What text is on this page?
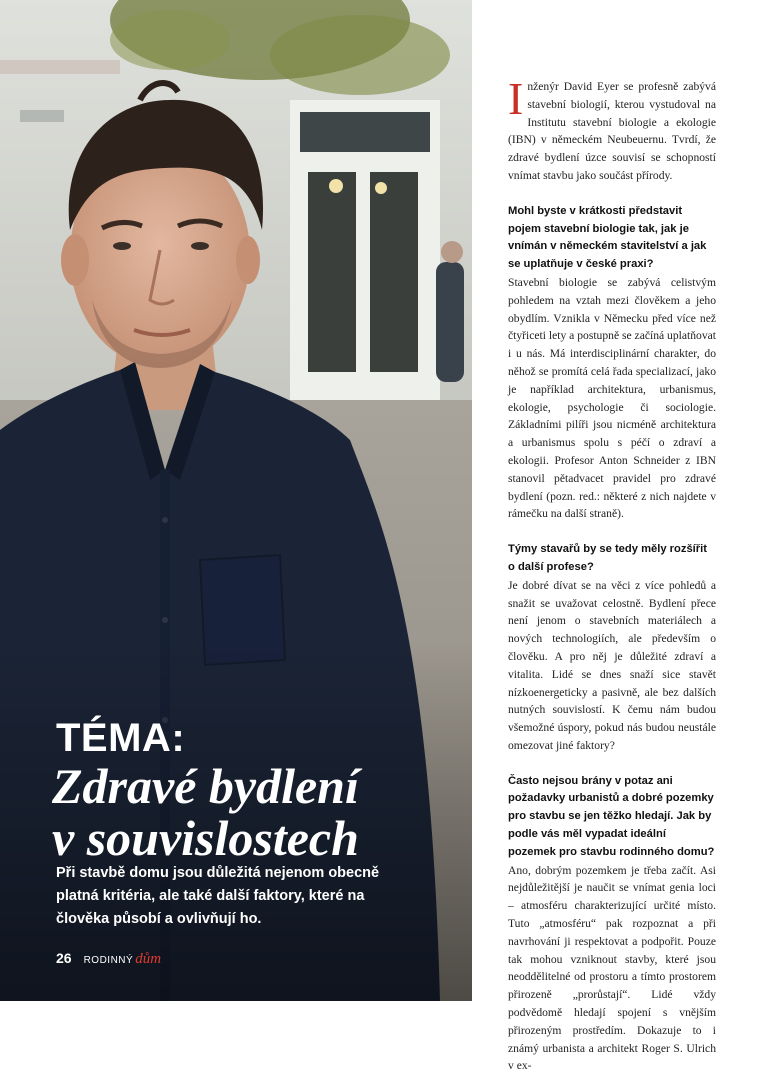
TÉMA:
Zdravé bydlení
v souvislostech

Při stavbě domu jsou důležitá nejenom obecně platná kritéria, ale také další faktory, které na člověka působí a ovlivňují ho.

26 RODINNÝ dům

Inženýr David Eyer se profesně zabývá stavební biologií, kterou vystudoval na Institutu stavební biologie a ekologie (IBN) v německém Neubeuernu. Tvrdí, že zdravé bydlení úzce souvisí se schopností vnímat stavbu jako součást přírody.

Mohl byste v krátkosti představit pojem stavební biologie tak, jak je vnímán v německém stavitelství a jak se uplatňuje v české praxi?

Stavební biologie se zabývá celistvým pohledem na vztah mezi člověkem a jeho obydlím. Vznikla v Německu před více než čtyřiceti lety a postupně se začíná uplatňovat i u nás. Má interdisciplinární charakter, do něhož se promítá celá řada specializací, jako je například architektura, urbanismus, ekologie, psychologie či sociologie. Základními pilíři jsou nicméně architektura a urbanismus spolu s péčí o zdraví a ekologii. Profesor Anton Schneider z IBN stanovil pětadvacet pravidel pro zdravé bydlení (pozn. red.: některé z nich najdete v rámečku na další straně).

Týmy stavařů by se tedy měly rozšířit o další profese?

Je dobré dívat se na věci z více pohledů a snažit se uvažovat celostně. Bydlení přece není jenom o stavebních materiálech a nových technologiích, ale především o člověku. A pro něj je důležité zdraví a vitalita. Lidé se dnes snaží sice stavět nízkoenergeticky a pasivně, ale bez dalších nutných souvislostí. K čemu nám budou všemožné úspory, pokud nás budou neustále omezovat jiné faktory?

Často nejsou brány v potaz ani požadavky urbanistů a dobré pozemky pro stavbu se jen těžko hledají. Jak by podle vás měl vypadat ideální pozemek pro stavbu rodinného domu?

Ano, dobrým pozemkem je třeba začít. Asi nejdůležitější je naučit se vnímat genia loci – atmosféru charakterizující určité místo. Tuto „atmosféru“ pak rozpoznat a při navrhování ji respektovat a podpořit. Pouze tak mohou vzniknout stavby, které jsou neoddělitelné od prostoru a tímto prostorem přirozeně „prorůstají“. Lidé vždy podvědomě hledají spojení s vnějším přirozeným prostředím. Dokazuje to i známý urbanista a architekt Roger S. Ulrich v ex-
